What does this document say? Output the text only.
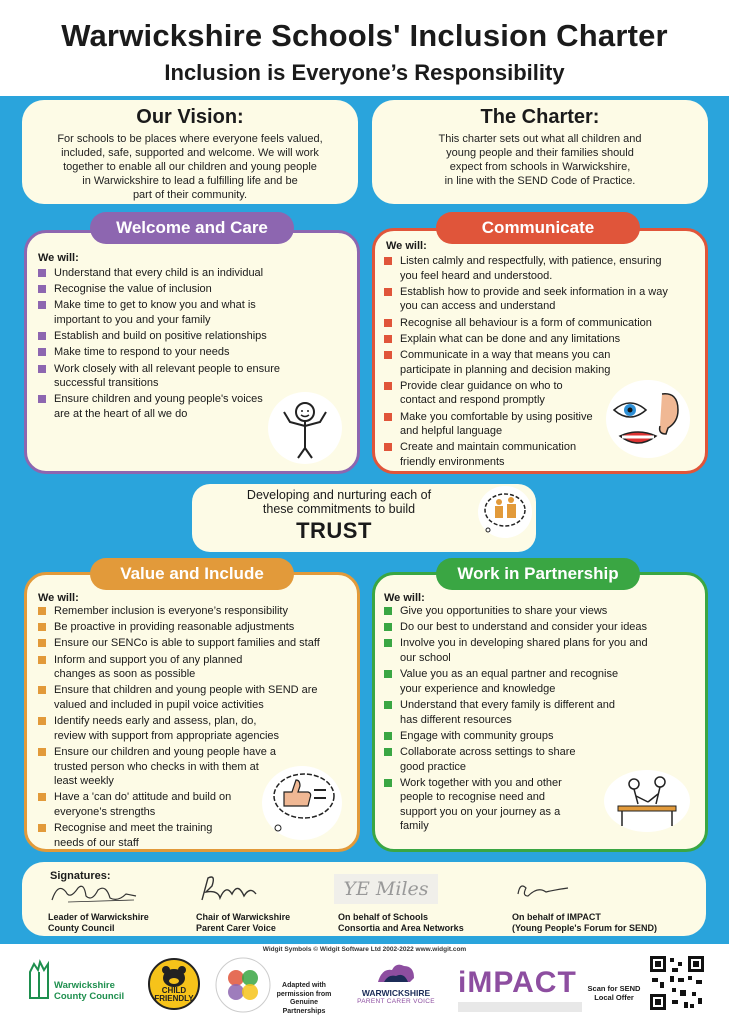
Warwickshire Schools' Inclusion Charter
Inclusion is Everyone’s Responsibility
Our Vision:
For schools to be places where everyone feels valued,
included, safe, supported and welcome. We will work
together to enable all our children and young people
in Warwickshire to lead a fulfilling life and be
part of their community.
The Charter:
This charter sets out what all children and
young people and their families should
expect from schools in Warwickshire,
in line with the SEND Code of Practice.
Welcome and Care
We will:
Understand that every child is an individual
Recognise the value of inclusion
Make time to get to know you and what is important to you and your family
Establish and build on positive relationships
Make time to respond to your needs
Work closely with all relevant people to ensure successful transitions
Ensure children and young people's voices are at the heart of all we do
Communicate
We will:
Listen calmly and respectfully, with patience, ensuring you feel heard and understood.
Establish how to provide and seek information in a way you can access and understand
Recognise all behaviour is a form of communication
Explain what can be done and any limitations
Communicate in a way that means you can participate in planning and decision making
Provide clear guidance on who to contact and respond promptly
Make you comfortable by using positive and helpful language
Create and maintain communication friendly environments
Developing and nurturing each of
these commitments to build
TRUST
Value and Include
We will:
Remember inclusion is everyone’s responsibility
Be proactive in providing reasonable adjustments
Ensure our SENCo is able to support families and staff
Inform and support you of any planned changes as soon as possible
Ensure that children and young people with SEND are valued and included in pupil voice activities
Identify needs early and assess, plan, do, review with support from appropriate agencies
Ensure our children and young people have a trusted person who checks in with them at least weekly
Have a 'can do' attitude and build on everyone’s strengths
Recognise and meet the training needs of our staff
Work in Partnership
We will:
Give you opportunities to share your views
Do our best to understand and consider your ideas
Involve you in developing shared plans for you and our school
Value you as an equal partner and recognise your experience and knowledge
Understand that every family is different and has different resources
Engage with community groups
Collaborate across settings to share good practice
Work together with you and other people to recognise need and support you on your journey as a family
Signatures:
YE Miles
Leader of Warwickshire
County Council
Chair of Warwickshire
Parent Carer Voice
On behalf of Schools
Consortia and Area Networks
On behalf of IMPACT
(Young People's Forum for SEND)
Widgit Symbols © Widgit Software Ltd 2002-2022 www.widgit.com
Warwickshire
County Council
CHILD
FRIENDLY
Adapted with permission from Genuine Partnerships
WARWICKSHIRE
PARENT CARER VOICE
iMPACT Scan for SEND Local Offer
